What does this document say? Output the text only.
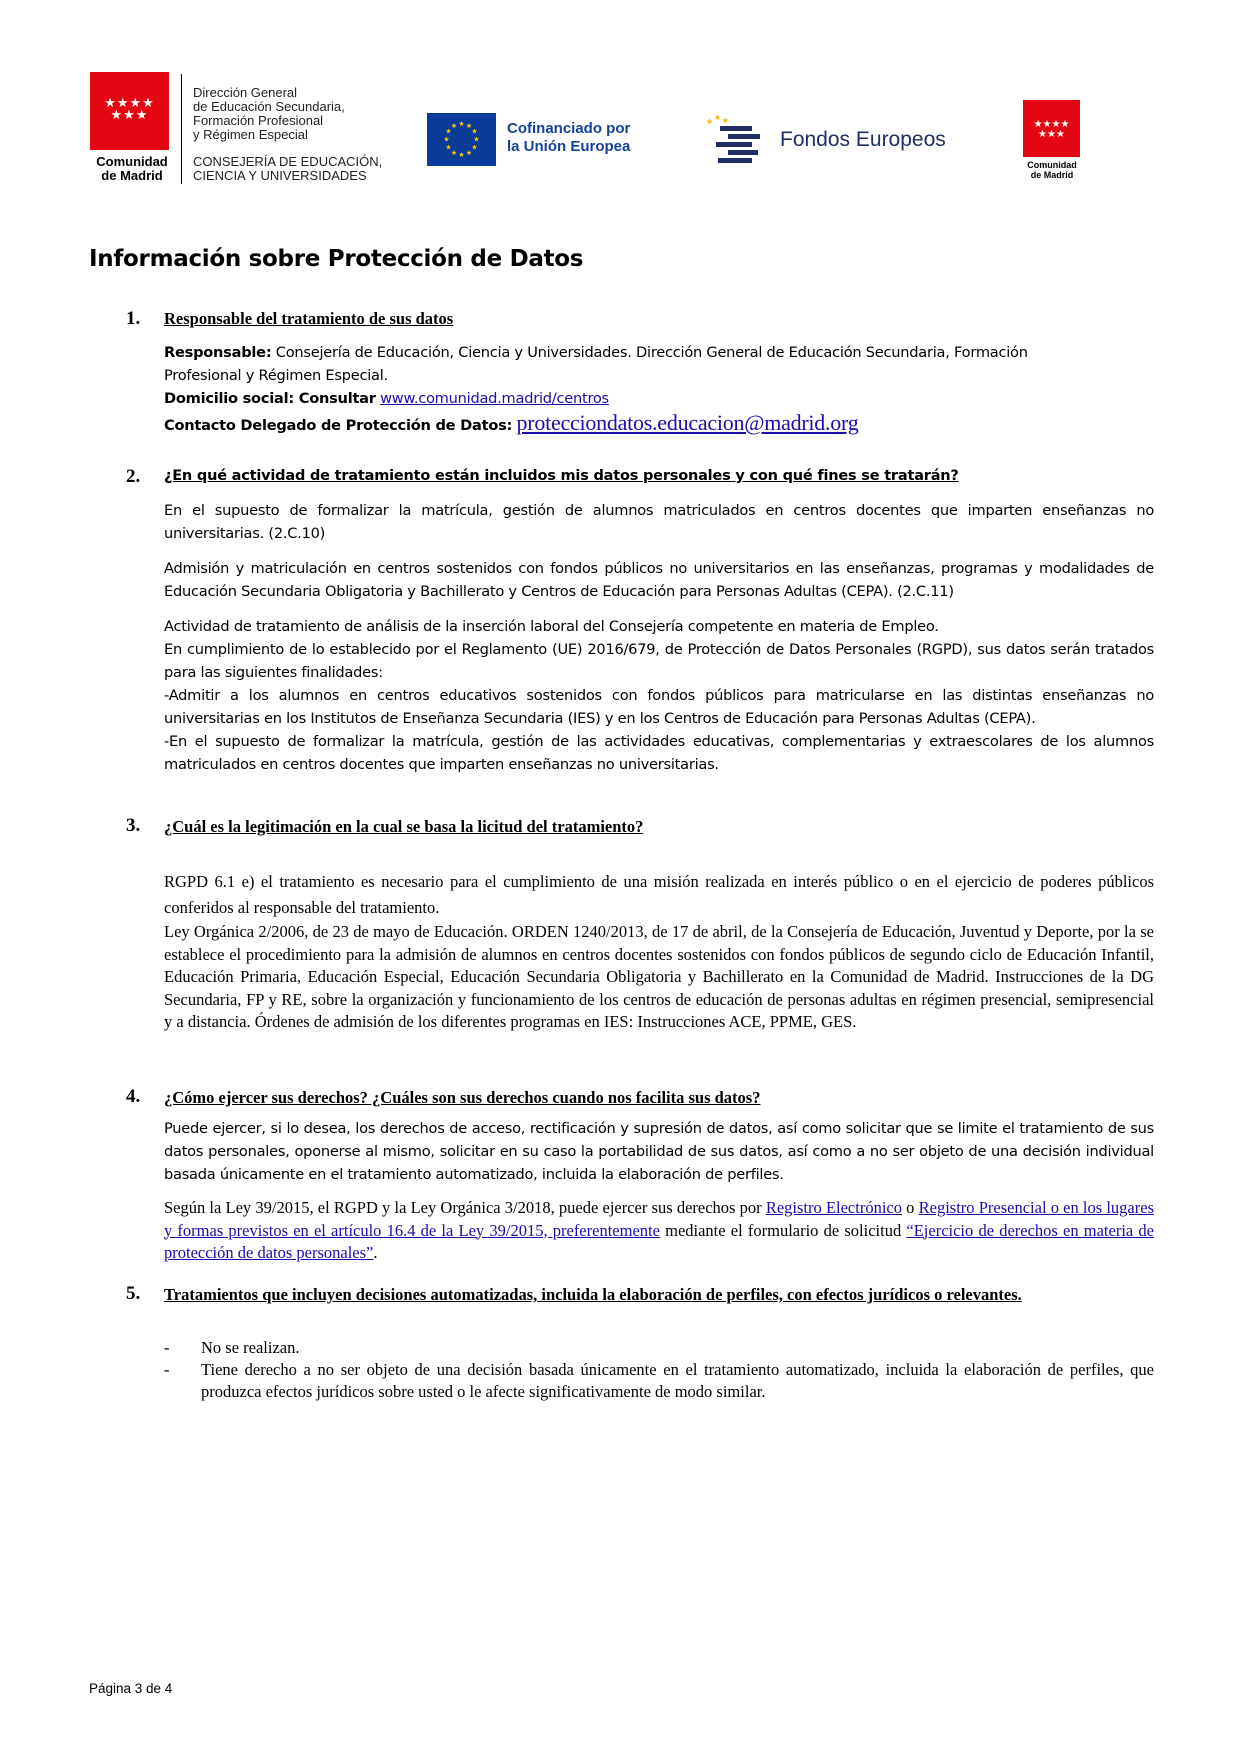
★★★★
★★★
Comunidad
de Madrid
Dirección General
de Educación Secundaria,
Formación Profesional
y Régimen Especial
CONSEJERÍA DE EDUCACIÓN,
CIENCIA Y UNIVERSIDADES
★ ★
★
★
★
★
★
★
★
★
★
★	Cofinanciado por
la Unión Europea
★ ★ ★
Fondos Europeos
★★★★
★★★
Comunidad
de Madrid
Información sobre Protección de Datos
1. Responsable del tratamiento de sus datos

Responsable: Consejería de Educación, Ciencia y Universidades. Dirección General de Educación Secundaria, Formación Profesional y Régimen Especial.

Domicilio social: Consultar www.comunidad.madrid/centros

Contacto Delegado de Protección de Datos: protecciondatos.educacion@madrid.org

2. ¿En qué actividad de tratamiento están incluidos mis datos personales y con qué fines se tratarán?

En el supuesto de formalizar la matrícula, gestión de alumnos matriculados en centros docentes que imparten enseñanzas no universitarias. (2.C.10)

Admisión y matriculación en centros sostenidos con fondos públicos no universitarios en las enseñanzas, programas y modalidades de Educación Secundaria Obligatoria y Bachillerato y Centros de Educación para Personas Adultas (CEPA). (2.C.11)

Actividad de tratamiento de análisis de la inserción laboral del Consejería competente en materia de Empleo.

En cumplimiento de lo establecido por el Reglamento (UE) 2016/679, de Protección de Datos Personales (RGPD), sus datos serán tratados para las siguientes finalidades:

-Admitir a los alumnos en centros educativos sostenidos con fondos públicos para matricularse en las distintas enseñanzas no universitarias en los Institutos de Enseñanza Secundaria (IES) y en los Centros de Educación para Personas Adultas (CEPA).

-En el supuesto de formalizar la matrícula, gestión de las actividades educativas, complementarias y extraescolares de los alumnos matriculados en centros docentes que imparten enseñanzas no universitarias.

3. ¿Cuál es la legitimación en la cual se basa la licitud del tratamiento?

RGPD 6.1 e) el tratamiento es necesario para el cumplimiento de una misión realizada en interés público o en el ejercicio de poderes públicos conferidos al responsable del tratamiento.

Ley Orgánica 2/2006, de 23 de mayo de Educación. ORDEN 1240/2013, de 17 de abril, de la Consejería de Educación, Juventud y Deporte, por la se establece el procedimiento para la admisión de alumnos en centros docentes sostenidos con fondos públicos de segundo ciclo de Educación Infantil, Educación Primaria, Educación Especial, Educación Secundaria Obligatoria y Bachillerato en la Comunidad de Madrid. Instrucciones de la DG Secundaria, FP y RE, sobre la organización y funcionamiento de los centros de educación de personas adultas en régimen presencial, semipresencial y a distancia. Órdenes de admisión de los diferentes programas en IES: Instrucciones ACE, PPME, GES.

4. ¿Cómo ejercer sus derechos? ¿Cuáles son sus derechos cuando nos facilita sus datos?

Puede ejercer, si lo desea, los derechos de acceso, rectificación y supresión de datos, así como solicitar que se limite el tratamiento de sus datos personales, oponerse al mismo, solicitar en su caso la portabilidad de sus datos, así como a no ser objeto de una decisión individual basada únicamente en el tratamiento automatizado, incluida la elaboración de perfiles.

Según la Ley 39/2015, el RGPD y la Ley Orgánica 3/2018, puede ejercer sus derechos por Registro Electrónico o Registro Presencial o en los lugares y formas previstos en el artículo 16.4 de la Ley 39/2015, preferentemente mediante el formulario de solicitud “Ejercicio de derechos en materia de protección de datos personales”.

5. Tratamientos que incluyen decisiones automatizadas, incluida la elaboración de perfiles, con efectos jurídicos o relevantes.
- No se realizan.
- Tiene derecho a no ser objeto de una decisión basada únicamente en el tratamiento automatizado, incluida la elaboración de perfiles, que produzca efectos jurídicos sobre usted o le afecte significativamente de modo similar.
Página 3 de 4
